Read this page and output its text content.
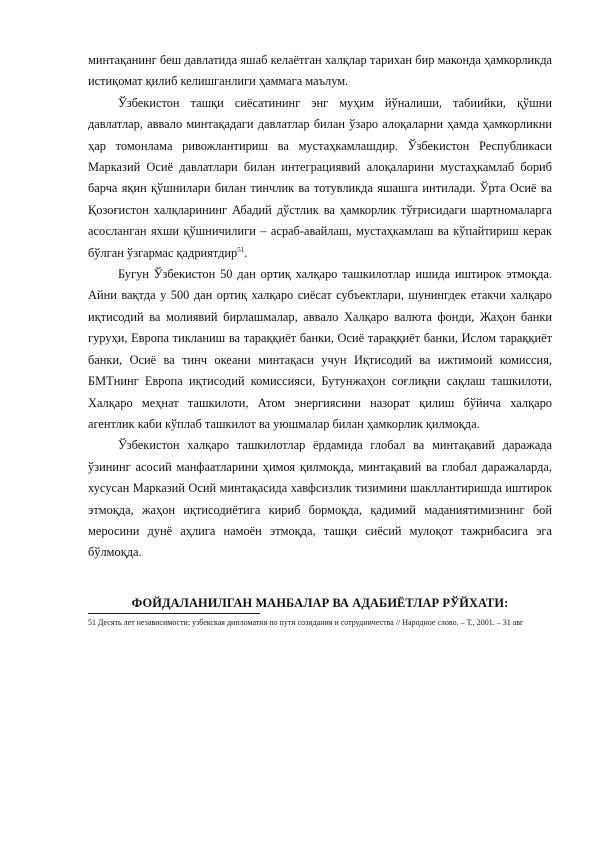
минтақанинг беш давлатида яшаб келаётган халқлар тарихан бир маконда ҳамкорликда истиқомат қилиб келишганлиги ҳаммага маълум.

Ўзбекистон ташқи сиёсатининг энг муҳим йўналиши, табиийки, қўшни давлатлар, аввало минтақадаги давлатлар билан ўзаро алоқаларни ҳамда ҳамкорликни ҳар томонлама ривожлантириш ва мустаҳкамлашдир. Ўзбекистон Республикаси Марказий Осиё давлатлари билан интеграциявий алоқаларини мустаҳкамлаб бориб барча яқин қўшнилари билан тинчлик ва тотувликда яшашга интилади. Ўрта Осиё ва Қозоғистон халқларининг Абадий дўстлик ва ҳамкорлик тўғрисидаги шартномаларга асосланган яхши қўшничилиги – асраб-авайлаш, мустаҳкамлаш ва кўпайтириш керак бўлган ўзгармас қадриятдир$^{51}$.

Бугун Ўзбекистон 50 дан ортиқ халқаро ташкилотлар ишида иштирок этмоқда. Айни вақтда у 500 дан ортиқ халқаро сиёсат субъектлари, шунингдек етакчи халқаро иқтисодий ва молиявий бирлашмалар, аввало Халқаро валюта фонди, Жаҳон банки гуруҳи, Европа тикланиш ва тараққиёт банки, Осиё тараққиёт банки, Ислом тараққиёт банки, Осиё ва тинч океани минтақаси учун Иқтисодий ва ижтимоий комиссия, БМТнинг Европа иқтисодий комиссияси, Бутунжаҳон соғлиқни сақлаш ташкилоти, Халқаро меҳнат ташкилоти, Атом энергиясини назорат қилиш бўйича халқаро агентлик каби кўплаб ташкилот ва уюшмалар билан ҳамкорлик қилмоқда.

Ўзбекистон халқаро ташкилотлар ёрдамида глобал ва минтақавий даражада ўзининг асосий манфаатларини ҳимоя қилмоқда, минтақавий ва глобал даражаларда, хусусан Марказий Осий минтақасида хавфсизлик тизимини шакллантиришда иштирок этмоқда, жаҳон иқтисодиётига кириб бормоқда, қадимий маданиятимизнинг бой меросини дунё аҳлига намоён этмоқда, ташқи сиёсий мулоқот тажрибасига эга бўлмоқда.

ФОЙДАЛАНИЛГАН МАНБАЛАР ВА АДАБИЁТЛАР РЎЙХАТИ:

51 Десять лет независимости: узбекская дипломатия по пути созидания и сотрудничества // Народное слово. – Т., 2001. – 31 авг
